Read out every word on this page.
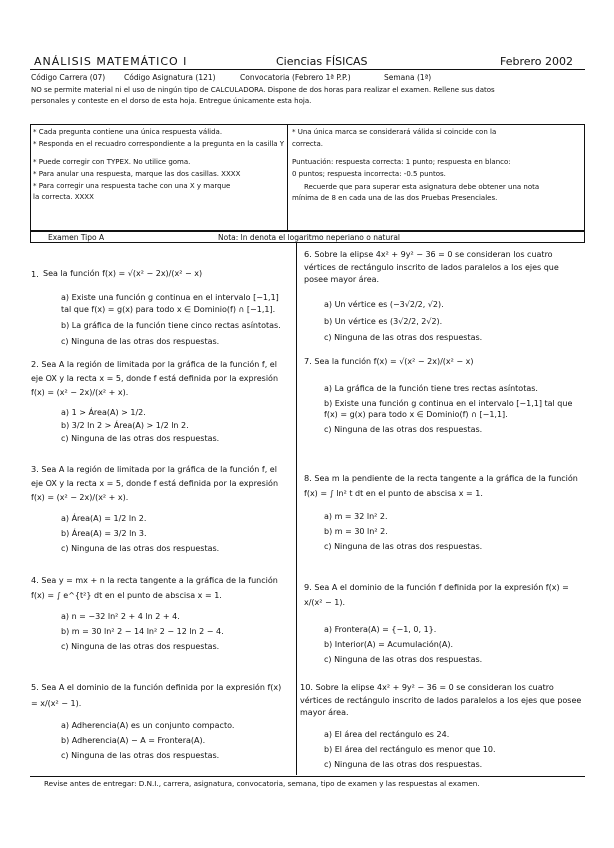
ANÁLISIS MATEMÁTICO I	Ciencias FÍSICAS	Febrero 2002
Código Carrera (07)	Código Asignatura (121)	Convocatoria (Febrero 1ª P.P.)	Semana (1ª)
NO se permite material ni el uso de ningún tipo de CALCULADORA. Dispone de dos horas para realizar el examen. Rellene sus datos
personales y conteste en el dorso de esta hoja. Entregue únicamente esta hoja.
* Cada pregunta contiene una única respuesta válida.
* Responda en el recuadro correspondiente a la pregunta en la casilla Y
* Puede corregir con TYPEX. No utilice goma.
* Para anular una respuesta, marque las dos casillas. XXXX
* Para corregir una respuesta tache con una X y marque
la correcta. XXXX
* Una única marca se considerará válida si coincide con la
correcta.
Puntuación: respuesta correcta: 1 punto; respuesta en blanco:
0 puntos; respuesta incorrecta: -0.5 puntos.
Recuerde que para superar esta asignatura debe obtener una nota
mínima de 8 en cada una de las dos Pruebas Presenciales.
Examen Tipo A	Nota: ln denota el logaritmo neperiano o natural
1. Sea la función f(x) = √(x² − 2x)/(x² − x)
a) Existe una función g continua en el intervalo [−1,1] tal que f(x) = g(x) para todo x ∈ Dominio(f) ∩ [−1,1].
b) La gráfica de la función tiene cinco rectas asíntotas.
c) Ninguna de las otras dos respuestas.
2. Sea A la región de limitada por la gráfica de la función f, el eje OX y la recta x = 5, donde f está definida por la expresión f(x) = (x² − 2x)/(x² + x).
a) 1 > Área(A) > 1/2.
b) 3/2 ln 2 > Área(A) > 1/2 ln 2.
c) Ninguna de las otras dos respuestas.
3. Sea A la región de limitada por la gráfica de la función f, el eje OX y la recta x = 5, donde f está definida por la expresión f(x) = (x² − 2x)/(x² + x).
a) Área(A) = 1/2 ln 2.
b) Área(A) = 3/2 ln 3.
c) Ninguna de las otras dos respuestas.
4. Sea y = mx + n la recta tangente a la gráfica de la función f(x) = ∫ e^{t²} dt en el punto de abscisa x = 1.
a) n = −32 ln² 2 + 4 ln 2 + 4.
b) m = 30 ln² 2 − 14 ln² 2 − 12 ln 2 − 4.
c) Ninguna de las otras dos respuestas.
5. Sea A el dominio de la función definida por la expresión f(x) = x/(x² − 1).
a) Adherencia(A) es un conjunto compacto.
b) Adherencia(A) − A = Frontera(A).
c) Ninguna de las otras dos respuestas.
6. Sobre la elipse 4x² + 9y² − 36 = 0 se consideran los cuatro vértices de rectángulo inscrito de lados paralelos a los ejes que posee mayor área.
a) Un vértice es (−3√2/2, √2).
b) Un vértice es (3√2/2, 2√2).
c) Ninguna de las otras dos respuestas.
7. Sea la función f(x) = √(x² − 2x)/(x² − x)
a) La gráfica de la función tiene tres rectas asíntotas.
b) Existe una función g continua en el intervalo [−1,1] tal que f(x) = g(x) para todo x ∈ Dominio(f) ∩ [−1,1].
c) Ninguna de las otras dos respuestas.
8. Sea m la pendiente de la recta tangente a la gráfica de la función f(x) = ∫ ln² t dt en el punto de abscisa x = 1.
a) m = 32 ln² 2.
b) m = 30 ln² 2.
c) Ninguna de las otras dos respuestas.
9. Sea A el dominio de la función f definida por la expresión f(x) = x/(x² − 1).
a) Frontera(A) = {−1, 0, 1}.
b) Interior(A) = Acumulación(A).
c) Ninguna de las otras dos respuestas.
10. Sobre la elipse 4x² + 9y² − 36 = 0 se consideran los cuatro vértices de rectángulo inscrito de lados paralelos a los ejes que posee mayor área.
a) El área del rectángulo es 24.
b) El área del rectángulo es menor que 10.
c) Ninguna de las otras dos respuestas.
Revise antes de entregar: D.N.I., carrera, asignatura, convocatoria, semana, tipo de examen y las respuestas al examen.
